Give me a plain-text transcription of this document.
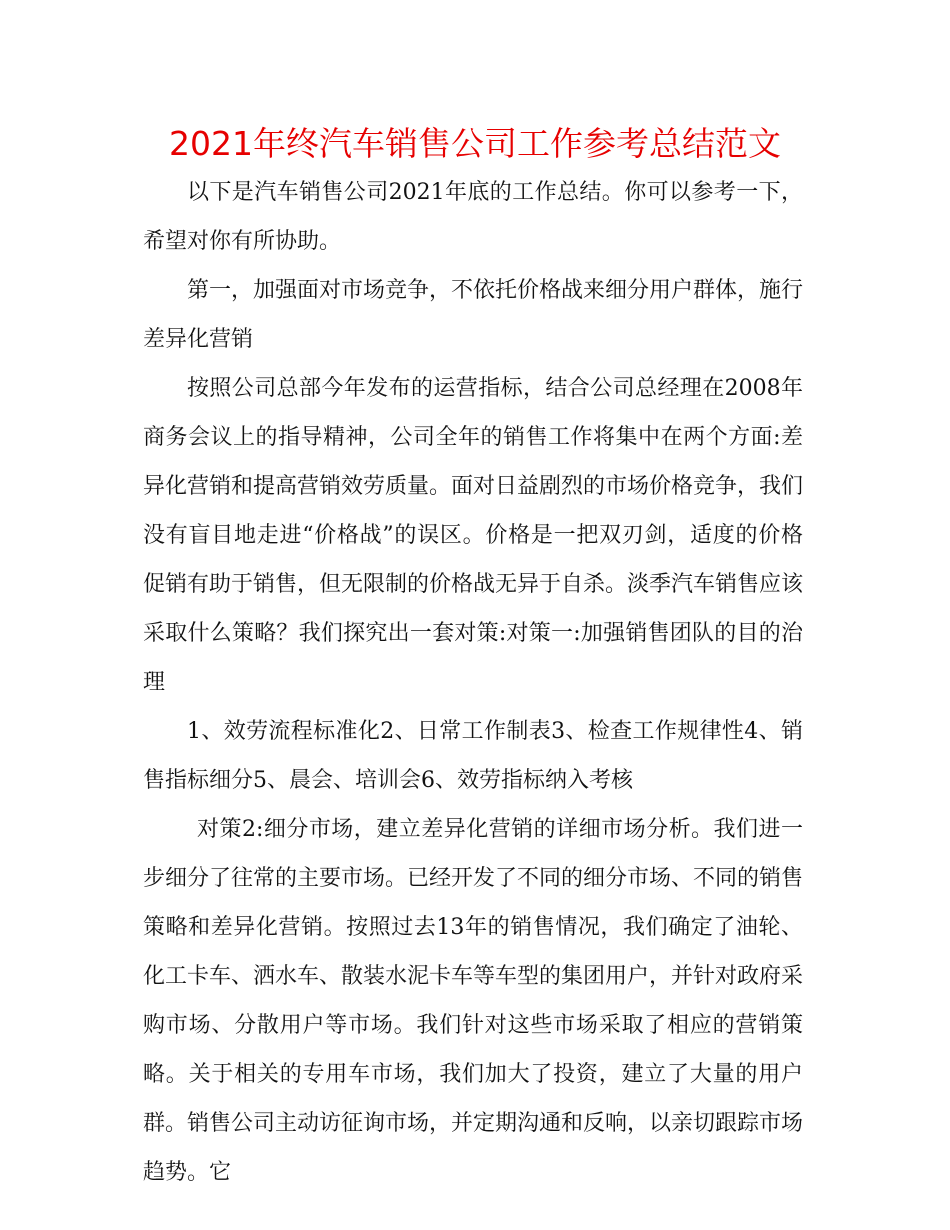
2021年终汽车销售公司工作参考总结范文

以下是汽车销售公司2021年底的工作总结。你可以参考一下，希望对你有所协助。

第一，加强面对市场竞争，不依托价格战来细分用户群体，施行差异化营销

按照公司总部今年发布的运营指标，结合公司总经理在2008年商务会议上的指导精神，公司全年的销售工作将集中在两个方面:差异化营销和提高营销效劳质量。面对日益剧烈的市场价格竞争，我们没有盲目地走进“价格战”的误区。价格是一把双刃剑，适度的价格促销有助于销售，但无限制的价格战无异于自杀。淡季汽车销售应该采取什么策略？我们探究出一套对策:对策一:加强销售团队的目的治理

1、效劳流程标准化2、日常工作制表3、检查工作规律性4、销售指标细分5、晨会、培训会6、效劳指标纳入考核

对策2:细分市场，建立差异化营销的详细市场分析。我们进一步细分了往常的主要市场。已经开发了不同的细分市场、不同的销售策略和差异化营销。按照过去13年的销售情况，我们确定了油轮、化工卡车、洒水车、散装水泥卡车等车型的集团用户，并针对政府采购市场、分散用户等市场。我们针对这些市场采取了相应的营销策略。关于相关的专用车市场，我们加大了投资，建立了大量的用户群。销售公司主动访征询市场，并定期沟通和反响，以亲切跟踪市场趋势。它
